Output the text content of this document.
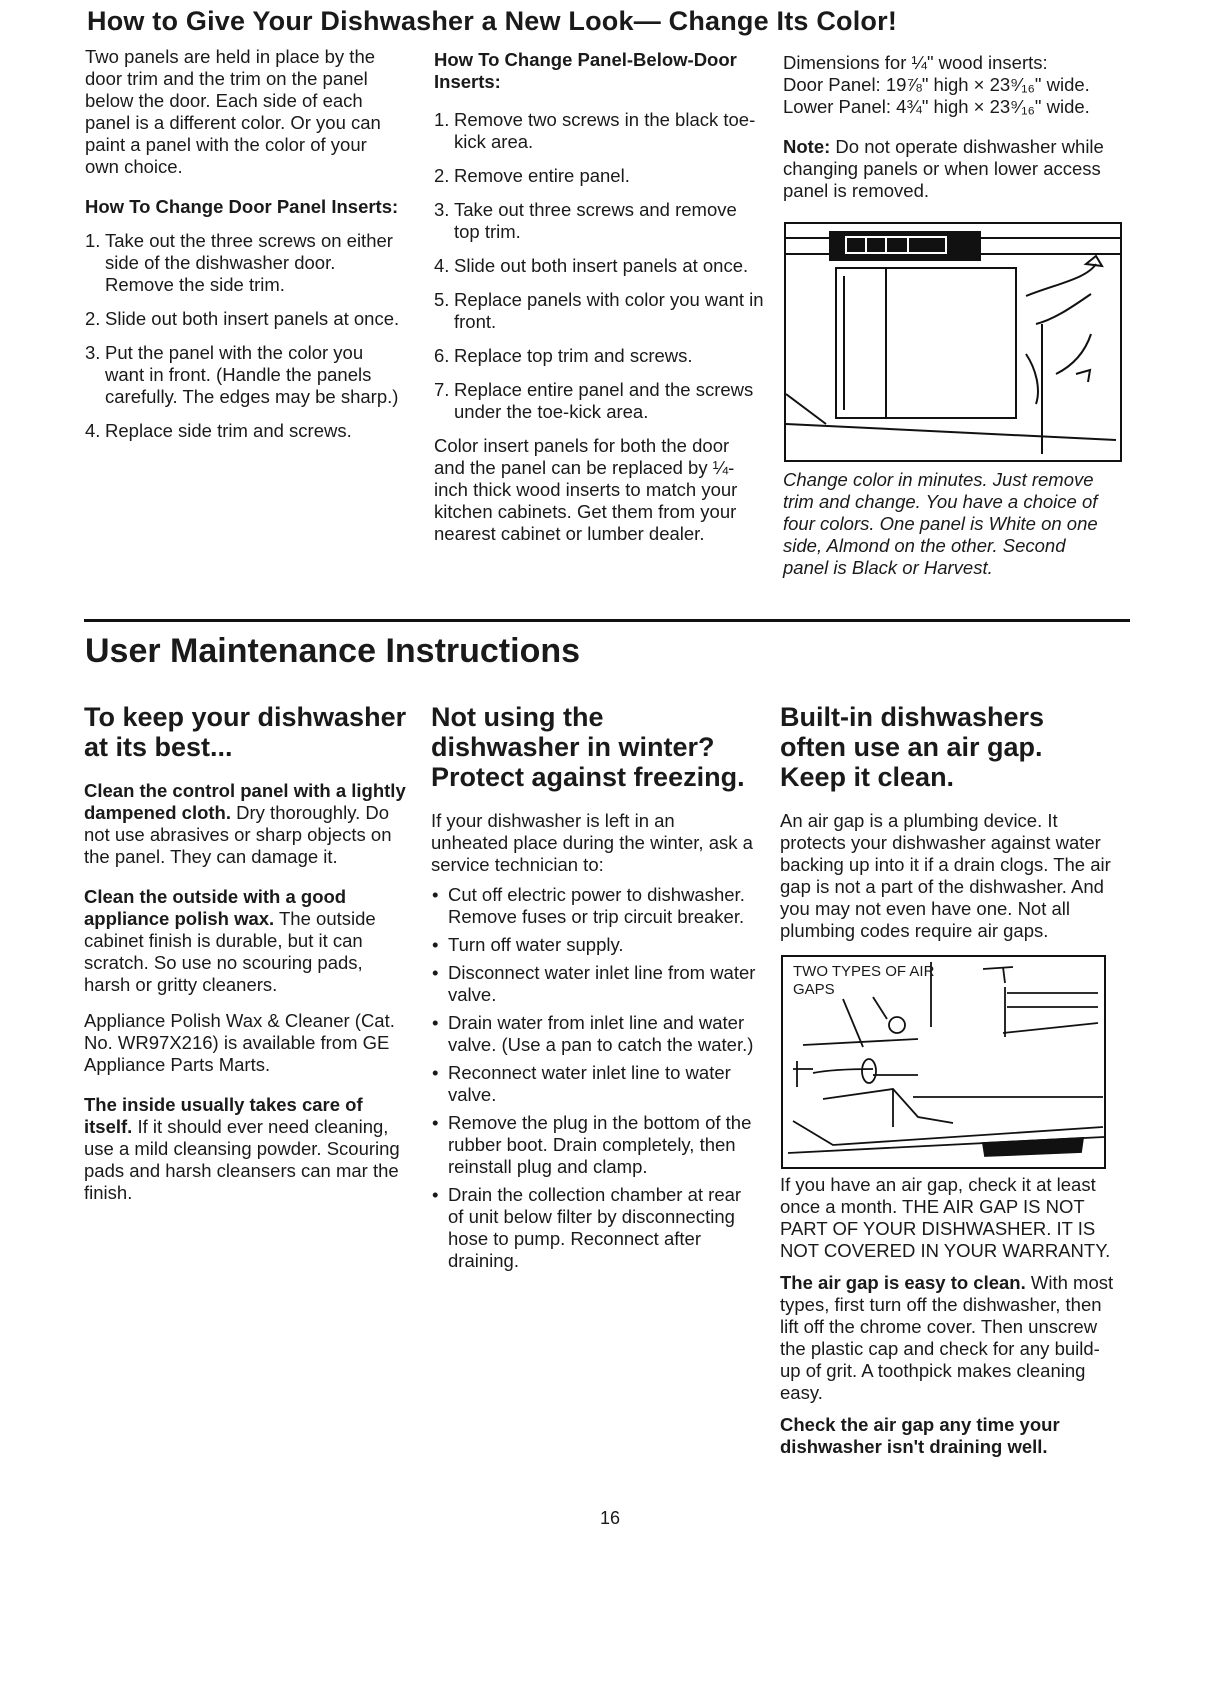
How to Give Your Dishwasher a New Look— Change Its Color!

Two panels are held in place by the door trim and the trim on the panel below the door. Each side of each panel is a different color. Or you can paint a panel with the color of your own choice.

How To Change Door Panel Inserts:

1. Take out the three screws on either side of the dishwasher door. Remove the side trim.
2. Slide out both insert panels at once.
3. Put the panel with the color you want in front. (Handle the panels carefully. The edges may be sharp.)
4. Replace side trim and screws.

How To Change Panel-Below-Door Inserts:

1. Remove two screws in the black toe-kick area.
2. Remove entire panel.
3. Take out three screws and remove top trim.
4. Slide out both insert panels at once.
5. Replace panels with color you want in front.
6. Replace top trim and screws.
7. Replace entire panel and the screws under the toe-kick area.

Color insert panels for both the door and the panel can be replaced by ¼-inch thick wood inserts to match your kitchen cabinets. Get them from your nearest cabinet or lumber dealer.

Dimensions for ¼" wood inserts:
Door Panel: 19⅞" high × 23⁹⁄₁₆" wide.
Lower Panel: 4¾" high × 23⁹⁄₁₆" wide.

Note: Do not operate dishwasher while changing panels or when lower access panel is removed.

Change color in minutes. Just remove trim and change. You have a choice of four colors. One panel is White on one side, Almond on the other. Second panel is Black or Harvest.
User Maintenance Instructions
To keep your dishwasher at its best...

Clean the control panel with a lightly dampened cloth. Dry thoroughly. Do not use abrasives or sharp objects on the panel. They can damage it.

Clean the outside with a good appliance polish wax. The outside cabinet finish is durable, but it can scratch. So use no scouring pads, harsh or gritty cleaners.

Appliance Polish Wax & Cleaner (Cat. No. WR97X216) is available from GE Appliance Parts Marts.

The inside usually takes care of itself. If it should ever need cleaning, use a mild cleansing powder. Scouring pads and harsh cleansers can mar the finish.

Not using the dishwasher in winter? Protect against freezing.

If your dishwasher is left in an unheated place during the winter, ask a service technician to:

• Cut off electric power to dishwasher. Remove fuses or trip circuit breaker.
• Turn off water supply.
• Disconnect water inlet line from water valve.
• Drain water from inlet line and water valve. (Use a pan to catch the water.)
• Reconnect water inlet line to water valve.
• Remove the plug in the bottom of the rubber boot. Drain completely, then reinstall plug and clamp.
• Drain the collection chamber at rear of unit below filter by disconnecting hose to pump. Reconnect after draining.
Built-in dishwashers often use an air gap. Keep it clean.

An air gap is a plumbing device. It protects your dishwasher against water backing up into it if a drain clogs. The air gap is not a part of the dishwasher. And you may not even have one. Not all plumbing codes require air gaps.

TWO TYPES OF AIR GAPS

If you have an air gap, check it at least once a month. THE AIR GAP IS NOT PART OF YOUR DISHWASHER. IT IS NOT COVERED IN YOUR WARRANTY.

The air gap is easy to clean. With most types, first turn off the dishwasher, then lift off the chrome cover. Then unscrew the plastic cap and check for any build-up of grit. A toothpick makes cleaning easy.

Check the air gap any time your dishwasher isn't draining well.

16
